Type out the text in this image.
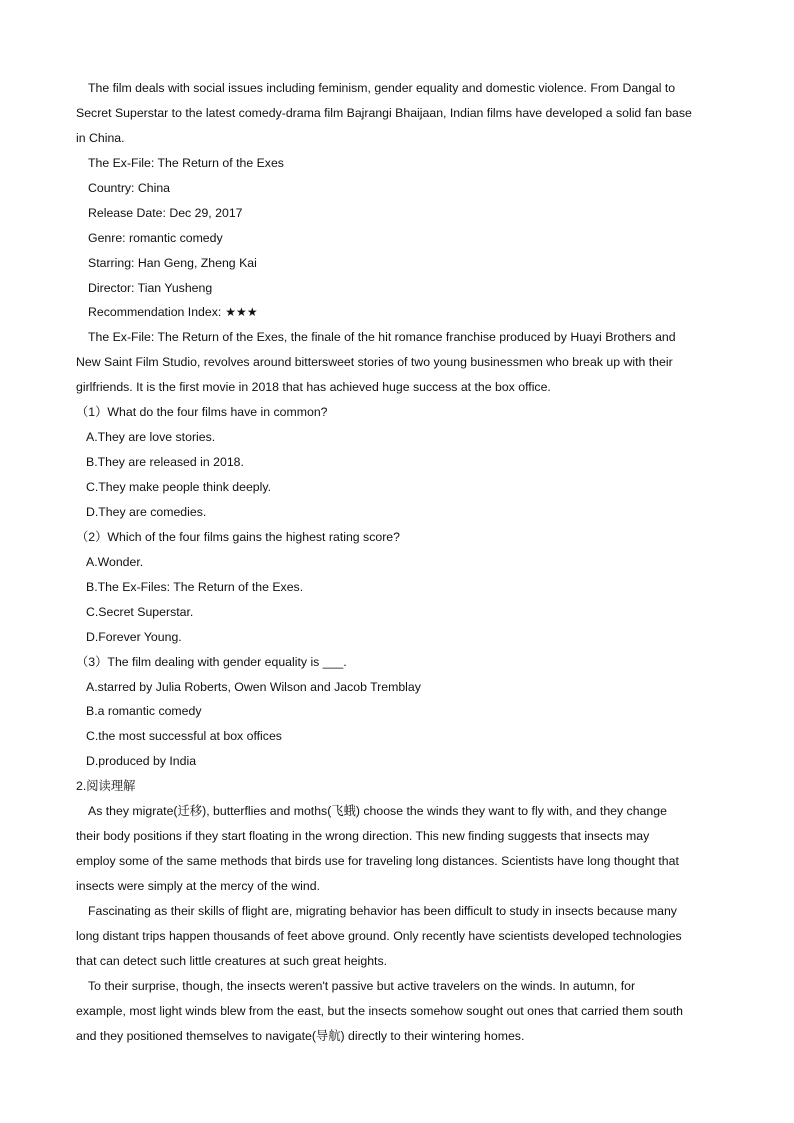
The film deals with social issues including feminism, gender equality and domestic violence. From Dangal to
Secret Superstar to the latest comedy-drama film Bajrangi Bhaijaan, Indian films have developed a solid fan base
in China.
The Ex-File: The Return of the Exes
Country: China
Release Date: Dec 29, 2017
Genre: romantic comedy
Starring: Han Geng, Zheng Kai
Director: Tian Yusheng
Recommendation Index: ★★★
The Ex-File: The Return of the Exes, the finale of the hit romance franchise produced by Huayi Brothers and
New Saint Film Studio, revolves around bittersweet stories of two young businessmen who break up with their
girlfriends. It is the first movie in 2018 that has achieved huge success at the box office.
（1）What do the four films have in common?
A.They are love stories.
B.They are released in 2018.
C.They make people think deeply.
D.They are comedies.
（2）Which of the four films gains the highest rating score?
A.Wonder.
B.The Ex-Files: The Return of the Exes.
C.Secret Superstar.
D.Forever Young.
（3）The film dealing with gender equality is ___.
A.starred by Julia Roberts, Owen Wilson and Jacob Tremblay
B.a romantic comedy
C.the most successful at box offices
D.produced by India
2.阅读理解
As they migrate(迁移), butterflies and moths(飞蛾) choose the winds they want to fly with, and they change
their body positions if they start floating in the wrong direction. This new finding suggests that insects may
employ some of the same methods that birds use for traveling long distances. Scientists have long thought that
insects were simply at the mercy of the wind.
Fascinating as their skills of flight are, migrating behavior has been difficult to study in insects because many
long distant trips happen thousands of feet above ground. Only recently have scientists developed technologies
that can detect such little creatures at such great heights.
To their surprise, though, the insects weren't passive but active travelers on the winds. In autumn, for
example, most light winds blew from the east, but the insects somehow sought out ones that carried them south
and they positioned themselves to navigate(导航) directly to their wintering homes.
